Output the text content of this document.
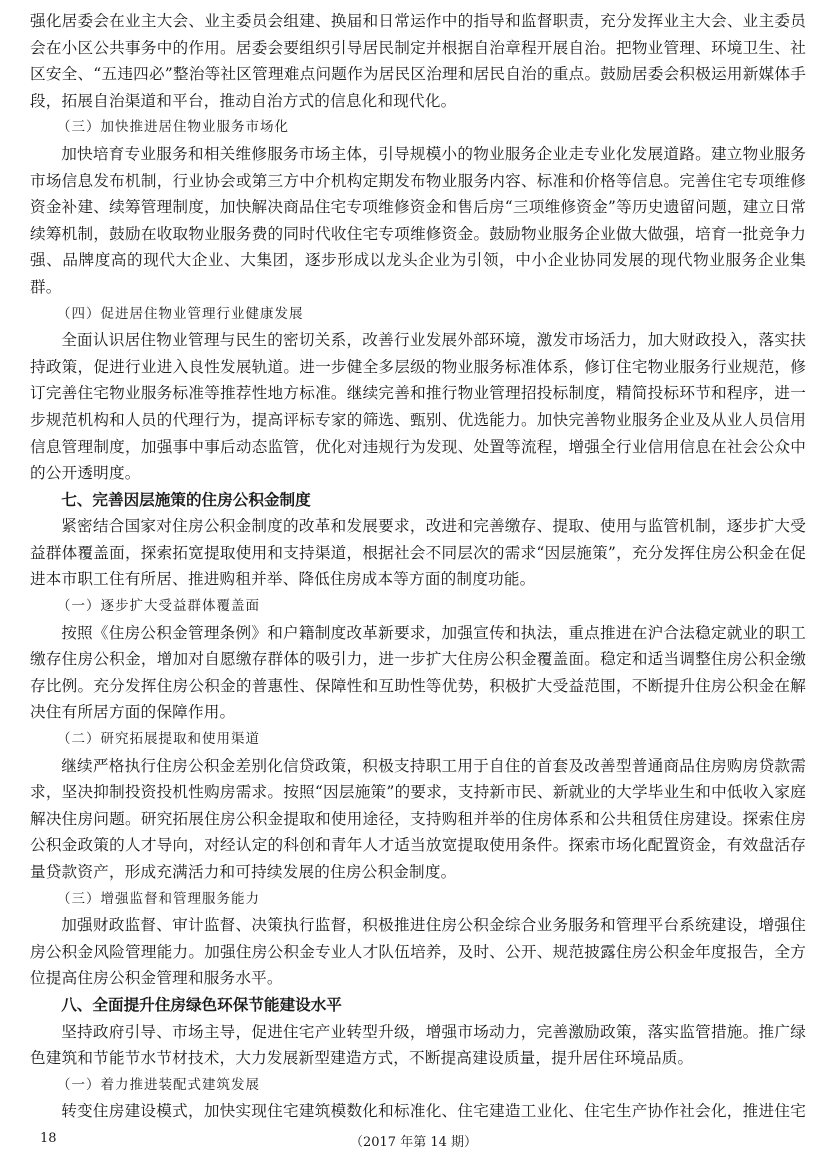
强化居委会在业主大会、业主委员会组建、换届和日常运作中的指导和监督职责，充分发挥业主大会、业主委员会在小区公共事务中的作用。居委会要组织引导居民制定并根据自治章程开展自治。把物业管理、环境卫生、社区安全、“五违四必”整治等社区管理难点问题作为居民区治理和居民自治的重点。鼓励居委会积极运用新媒体手段，拓展自治渠道和平台，推动自治方式的信息化和现代化。

（三）加快推进居住物业服务市场化

加快培育专业服务和相关维修服务市场主体，引导规模小的物业服务企业走专业化发展道路。建立物业服务市场信息发布机制，行业协会或第三方中介机构定期发布物业服务内容、标准和价格等信息。完善住宅专项维修资金补建、续筹管理制度，加快解决商品住宅专项维修资金和售后房“三项维修资金”等历史遗留问题，建立日常续筹机制，鼓励在收取物业服务费的同时代收住宅专项维修资金。鼓励物业服务企业做大做强，培育一批竞争力强、品牌度高的现代大企业、大集团，逐步形成以龙头企业为引领，中小企业协同发展的现代物业服务企业集群。

（四）促进居住物业管理行业健康发展

全面认识居住物业管理与民生的密切关系，改善行业发展外部环境，激发市场活力，加大财政投入，落实扶持政策，促进行业进入良性发展轨道。进一步健全多层级的物业服务标准体系，修订住宅物业服务行业规范，修订完善住宅物业服务标准等推荐性地方标准。继续完善和推行物业管理招投标制度，精简投标环节和程序，进一步规范机构和人员的代理行为，提高评标专家的筛选、甄别、优选能力。加快完善物业服务企业及从业人员信用信息管理制度，加强事中事后动态监管，优化对违规行为发现、处置等流程，增强全行业信用信息在社会公众中的公开透明度。

七、完善因层施策的住房公积金制度

紧密结合国家对住房公积金制度的改革和发展要求，改进和完善缴存、提取、使用与监管机制，逐步扩大受益群体覆盖面，探索拓宽提取使用和支持渠道，根据社会不同层次的需求“因层施策”，充分发挥住房公积金在促进本市职工住有所居、推进购租并举、降低住房成本等方面的制度功能。

（一）逐步扩大受益群体覆盖面

按照《住房公积金管理条例》和户籍制度改革新要求，加强宣传和执法，重点推进在沪合法稳定就业的职工缴存住房公积金，增加对自愿缴存群体的吸引力，进一步扩大住房公积金覆盖面。稳定和适当调整住房公积金缴存比例。充分发挥住房公积金的普惠性、保障性和互助性等优势，积极扩大受益范围，不断提升住房公积金在解决住有所居方面的保障作用。

（二）研究拓展提取和使用渠道

继续严格执行住房公积金差别化信贷政策，积极支持职工用于自住的首套及改善型普通商品住房购房贷款需求，坚决抑制投资投机性购房需求。按照“因层施策”的要求，支持新市民、新就业的大学毕业生和中低收入家庭解决住房问题。研究拓展住房公积金提取和使用途径，支持购租并举的住房体系和公共租赁住房建设。探索住房公积金政策的人才导向，对经认定的科创和青年人才适当放宽提取使用条件。探索市场化配置资金，有效盘活存量贷款资产，形成充满活力和可持续发展的住房公积金制度。

（三）增强监督和管理服务能力

加强财政监督、审计监督、决策执行监督，积极推进住房公积金综合业务服务和管理平台系统建设，增强住房公积金风险管理能力。加强住房公积金专业人才队伍培养，及时、公开、规范披露住房公积金年度报告，全方位提高住房公积金管理和服务水平。

八、全面提升住房绿色环保节能建设水平

坚持政府引导、市场主导，促进住宅产业转型升级，增强市场动力，完善激励政策，落实监管措施。推广绿色建筑和节能节水节材技术，大力发展新型建造方式，不断提高建设质量，提升居住环境品质。

（一）着力推进装配式建筑发展

转变住房建设模式，加快实现住宅建筑模数化和标准化、住宅建造工业化、住宅生产协作社会化，推进住宅

18	（2017 年第 14 期）
